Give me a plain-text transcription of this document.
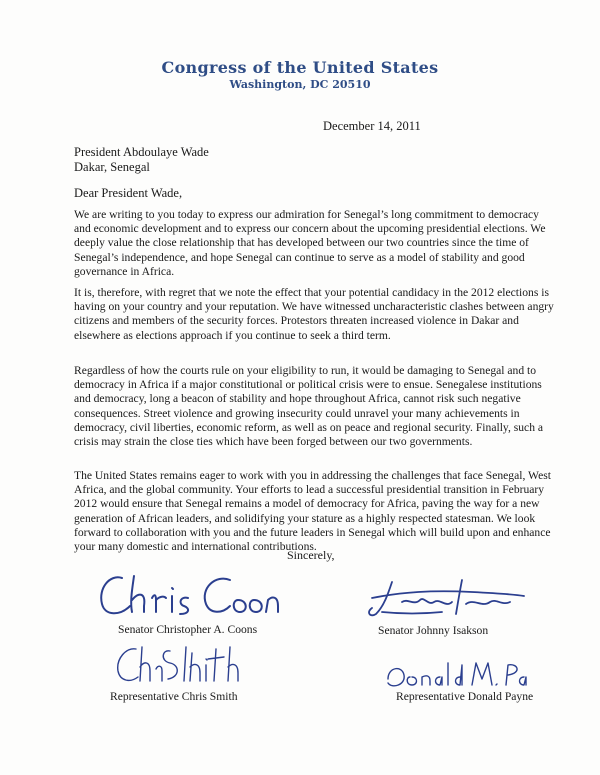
Congress of the United States
Washington, DC 20510
December 14, 2011
President Abdoulaye Wade
Dakar, Senegal
Dear President Wade,
We are writing to you today to express our admiration for Senegal’s long commitment to democracy and economic development and to express our concern about the upcoming presidential elections. We deeply value the close relationship that has developed between our two countries since the time of Senegal’s independence, and hope Senegal can continue to serve as a model of stability and good governance in Africa.
It is, therefore, with regret that we note the effect that your potential candidacy in the 2012 elections is having on your country and your reputation. We have witnessed uncharacteristic clashes between angry citizens and members of the security forces. Protestors threaten increased violence in Dakar and elsewhere as elections approach if you continue to seek a third term.
Regardless of how the courts rule on your eligibility to run, it would be damaging to Senegal and to democracy in Africa if a major constitutional or political crisis were to ensue. Senegalese institutions and democracy, long a beacon of stability and hope throughout Africa, cannot risk such negative consequences. Street violence and growing insecurity could unravel your many achievements in democracy, civil liberties, economic reform, as well as on peace and regional security. Finally, such a crisis may strain the close ties which have been forged between our two governments.
The United States remains eager to work with you in addressing the challenges that face Senegal, West Africa, and the global community. Your efforts to lead a successful presidential transition in February 2012 would ensure that Senegal remains a model of democracy for Africa, paving the way for a new generation of African leaders, and solidifying your stature as a highly respected statesman. We look forward to collaboration with you and the future leaders in Senegal which will build upon and enhance your many domestic and international contributions.
Sincerely,
Senator Christopher A. Coons	Senator Johnny Isakson
Representative Chris Smith	Representative Donald Payne
